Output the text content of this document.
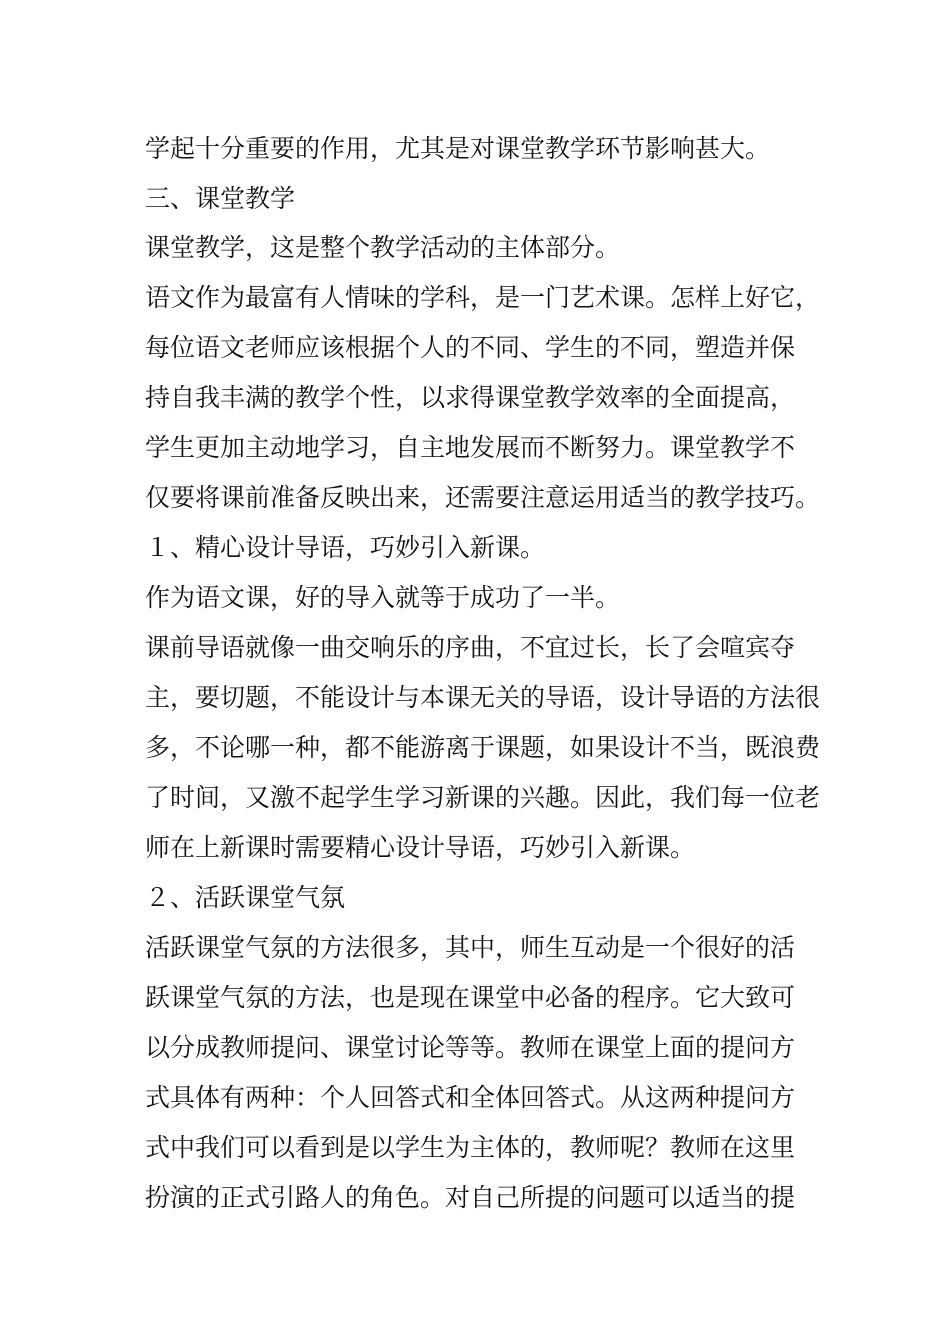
学起十分重要的作用，尤其是对课堂教学环节影响甚大。
三、课堂教学
课堂教学，这是整个教学活动的主体部分。
语文作为最富有人情味的学科，是一门艺术课。怎样上好它，
每位语文老师应该根据个人的不同、学生的不同，塑造并保
持自我丰满的教学个性，以求得课堂教学效率的全面提高，
学生更加主动地学习，自主地发展而不断努力。课堂教学不
仅要将课前准备反映出来，还需要注意运用适当的教学技巧。
１、精心设计导语，巧妙引入新课。
作为语文课，好的导入就等于成功了一半。
课前导语就像一曲交响乐的序曲，不宜过长，长了会喧宾夺
主，要切题，不能设计与本课无关的导语，设计导语的方法很
多，不论哪一种，都不能游离于课题，如果设计不当，既浪费
了时间，又激不起学生学习新课的兴趣。因此，我们每一位老
师在上新课时需要精心设计导语，巧妙引入新课。
２、活跃课堂气氛
活跃课堂气氛的方法很多，其中，师生互动是一个很好的活
跃课堂气氛的方法，也是现在课堂中必备的程序。它大致可
以分成教师提问、课堂讨论等等。教师在课堂上面的提问方
式具体有两种：个人回答式和全体回答式。从这两种提问方
式中我们可以看到是以学生为主体的，教师呢？教师在这里
扮演的正式引路人的角色。对自己所提的问题可以适当的提
